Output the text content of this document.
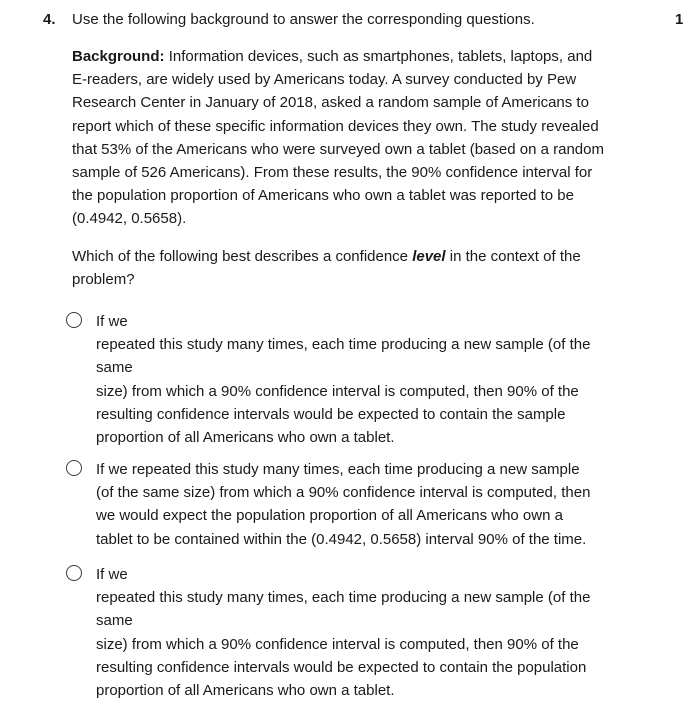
4. Use the following background to answer the corresponding questions.	1

Background: Information devices, such as smartphones, tablets, laptops, and E-readers, are widely used by Americans today. A survey conducted by Pew Research Center in January of 2018, asked a random sample of Americans to report which of these specific information devices they own. The study revealed that 53% of the Americans who were surveyed own a tablet (based on a random sample of 526 Americans). From these results, the 90% confidence interval for the population proportion of Americans who own a tablet was reported to be (0.4942, 0.5658).

Which of the following best describes a confidence level in the context of the problem?

If we
repeated this study many times, each time producing a new sample (of the
same
size) from which a 90% confidence interval is computed, then 90% of the
resulting confidence intervals would be expected to contain the sample
proportion of all Americans who own a tablet.
If we repeated this study many times, each time producing a new sample
(of the same size) from which a 90% confidence interval is computed, then
we would expect the population proportion of all Americans who own a
tablet to be contained within the (0.4942, 0.5658) interval 90% of the time.
If we
repeated this study many times, each time producing a new sample (of the
same
size) from which a 90% confidence interval is computed, then 90% of the
resulting confidence intervals would be expected to contain the population
proportion of all Americans who own a tablet.
